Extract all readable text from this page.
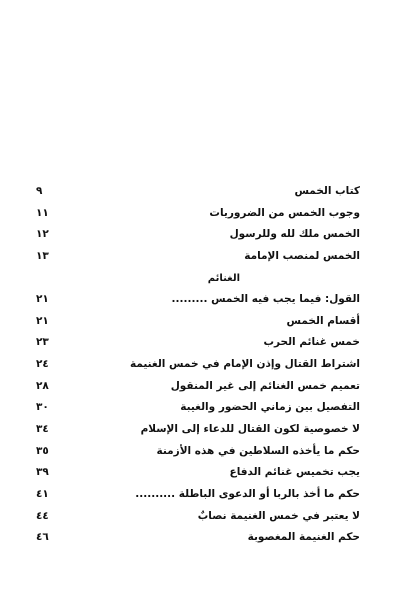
كتاب الخمس
٩
وجوب الخمس من الضروريات
١١
الخمس ملك لله وللرسول
١٢
الخمس لمنصب الإمامة
١٣
الغنائم
القول: فيما يجب فيه الخمس .........
٢١
أقسام الخمس
٢١
خمس غنائم الحرب
٢٣
اشتراط القتال وإذن الإمام في خمس الغنيمة
٢٤
تعميم خمس الغنائم إلى غير المنقول
٢٨
التفصيل بين زماني الحضور والغيبة
٣٠
لا خصوصية لكون القتال للدعاء إلى الإسلام
٣٤
حكم ما يأخذه السلاطين في هذه الأزمنة
٣٥
يجب تخميس غنائم الدفاع
٣٩
حكم ما أخذ بالربا أو الدعوى الباطلة ..........
٤١
لا يعتبر في خمس الغنيمة نصابٌ
٤٤
حكم الغنيمة المغصوبة
٤٦
